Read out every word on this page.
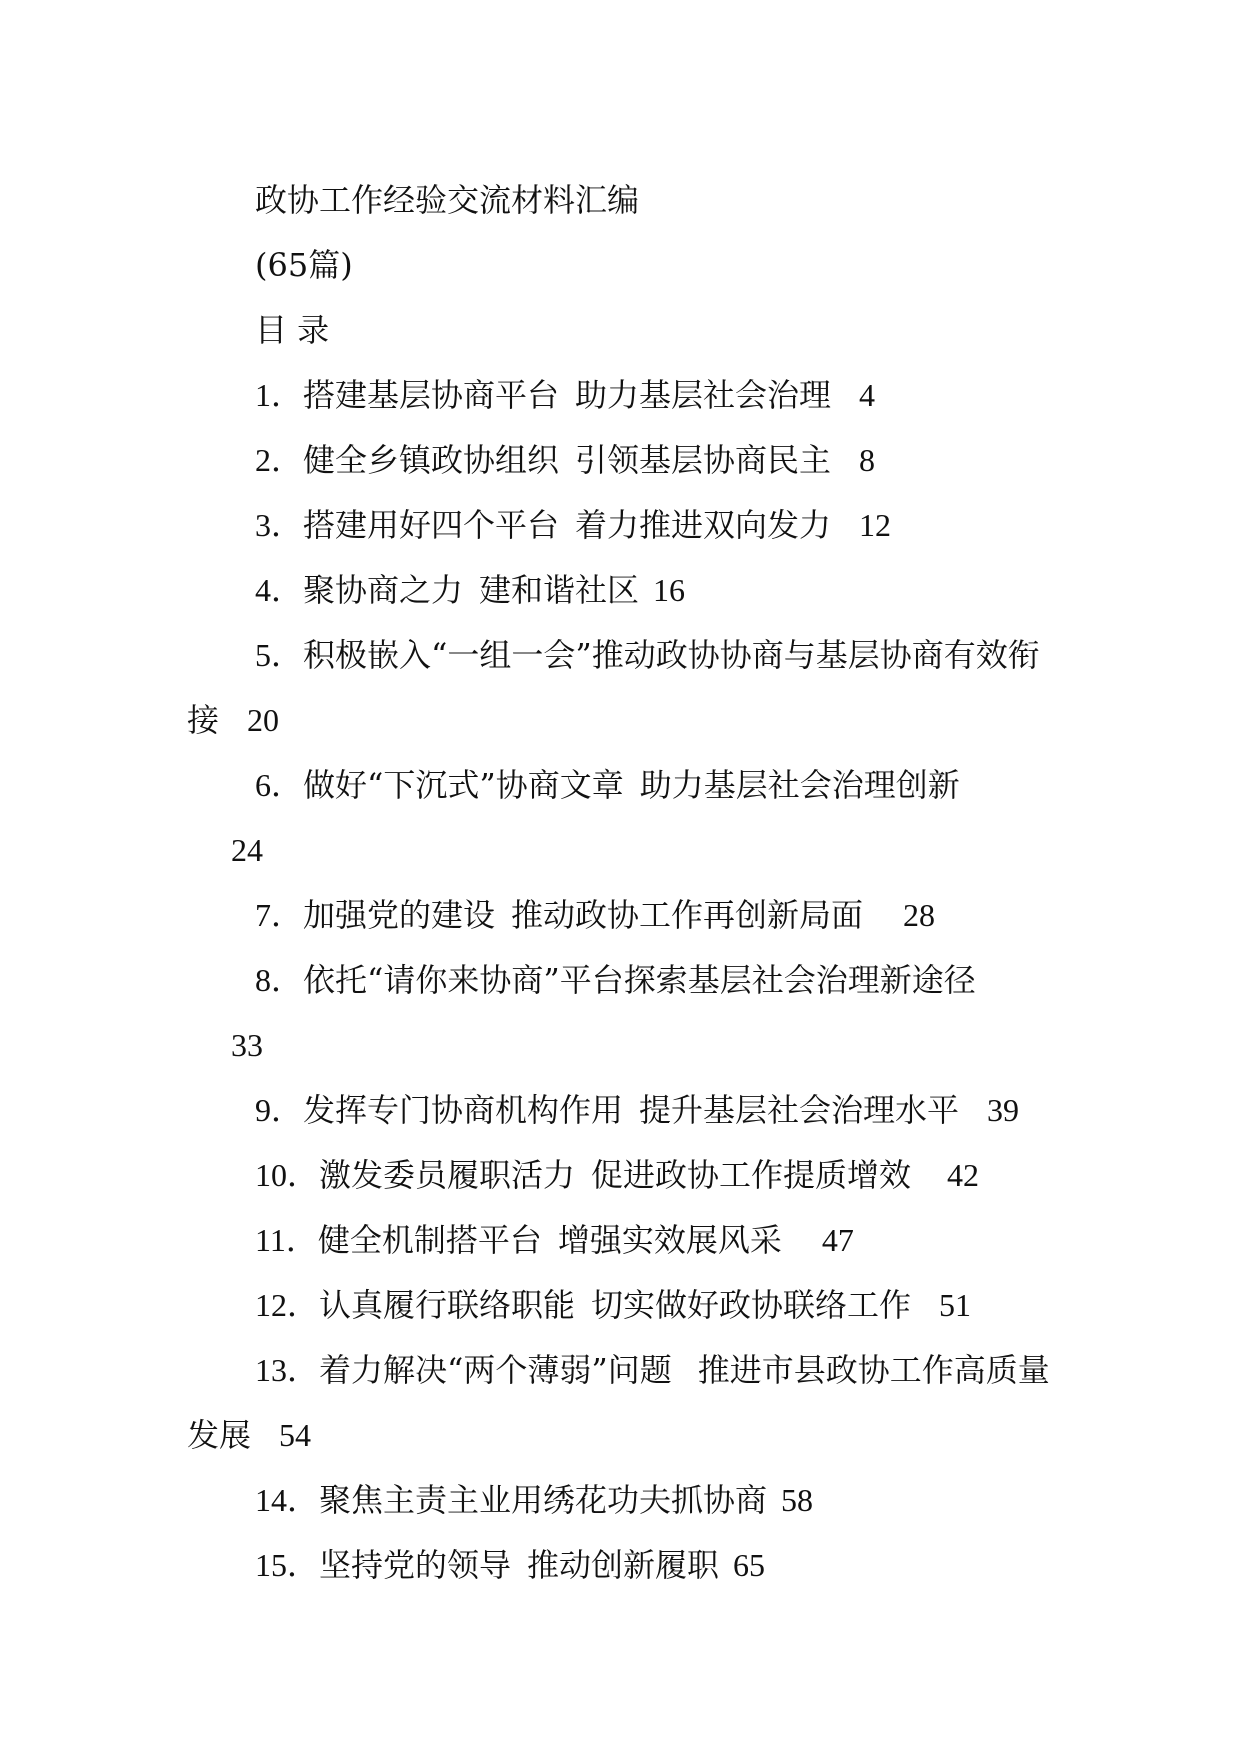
政协工作经验交流材料汇编

(65篇)

目 录

1．搭建基层协商平台 助力基层社会治理 4

2．健全乡镇政协组织 引领基层协商民主 8

3．搭建用好四个平台 着力推进双向发力 12

4．聚协商之力 建和谐社区 16

5．积极嵌入“一组一会”推动政协协商与基层协商有效衔接 20

6．做好“下沉式”协商文章 助力基层社会治理创新
24

7．加强党的建设 推动政协工作再创新局面 28

8．依托“请你来协商”平台探索基层社会治理新途径
33

9．发挥专门协商机构作用 提升基层社会治理水平 39

10．激发委员履职活力 促进政协工作提质增效 42

11．健全机制搭平台 增强实效展风采 47

12．认真履行联络职能 切实做好政协联络工作 51

13．着力解决“两个薄弱”问题 推进市县政协工作高质量发展 54

14．聚焦主责主业用绣花功夫抓协商 58

15．坚持党的领导 推动创新履职 65
